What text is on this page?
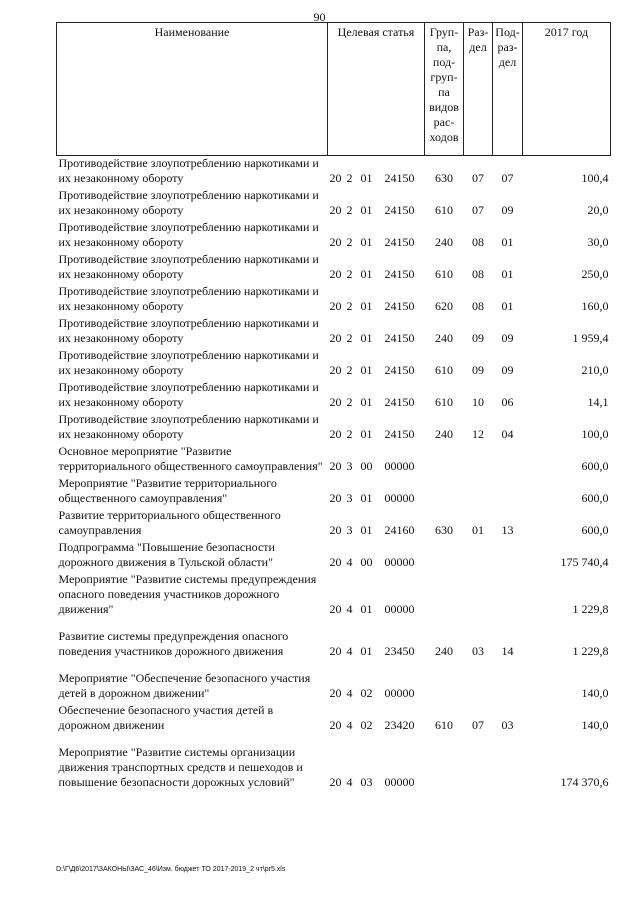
90
Наименование	Целевая статья	Груп- па, под- груп- па видов рас- ходов	Раз- дел	Под- раз- дел	2017 год
Противодействие злоупотреблению наркотиками и их незаконному обороту	20 2 01 24150	630	07	07	100,4
Противодействие злоупотреблению наркотиками и их незаконному обороту	20 2 01 24150	610	07	09	20,0
Противодействие злоупотреблению наркотиками и их незаконному обороту	20 2 01 24150	240	08	01	30,0
Противодействие злоупотреблению наркотиками и их незаконному обороту	20 2 01 24150	610	08	01	250,0
Противодействие злоупотреблению наркотиками и их незаконному обороту	20 2 01 24150	620	08	01	160,0
Противодействие злоупотреблению наркотиками и их незаконному обороту	20 2 01 24150	240	09	09	1 959,4
Противодействие злоупотреблению наркотиками и их незаконному обороту	20 2 01 24150	610	09	09	210,0
Противодействие злоупотреблению наркотиками и их незаконному обороту	20 2 01 24150	610	10	06	14,1
Противодействие злоупотреблению наркотиками и их незаконному обороту	20 2 01 24150	240	12	04	100,0
Основное мероприятие "Развитие территориального общественного самоуправления"	20 3 00 00000				600,0
Мероприятие "Развитие территориального общественного самоуправления"	20 3 01 00000				600,0
Развитие территориального общественного самоуправления	20 3 01 24160	630	01	13	600,0
Подпрограмма "Повышение безопасности дорожного движения в Тульской области"	20 4 00 00000				175 740,4
Мероприятие "Развитие системы предупреждения опасного поведения участников дорожного движения"	20 4 01 00000				1 229,8
Развитие системы предупреждения опасного поведения участников дорожного движения	20 4 01 23450	240	03	14	1 229,8
Мероприятие "Обеспечение безопасного участия детей в дорожном движении"	20 4 02 00000				140,0
Обеспечение безопасного участия детей в дорожном движении	20 4 02 23420	610	07	03	140,0
Мероприятие "Развитие системы организации движения транспортных средств и пешеходов и повышение безопасности дорожных условий"	20 4 03 00000				174 370,6
D:\Г\Д6\2017\ЗАКОНЫ\ЗАС_46\Изм. бюджет ТО 2017-2019_2 чт\pr5.xls
